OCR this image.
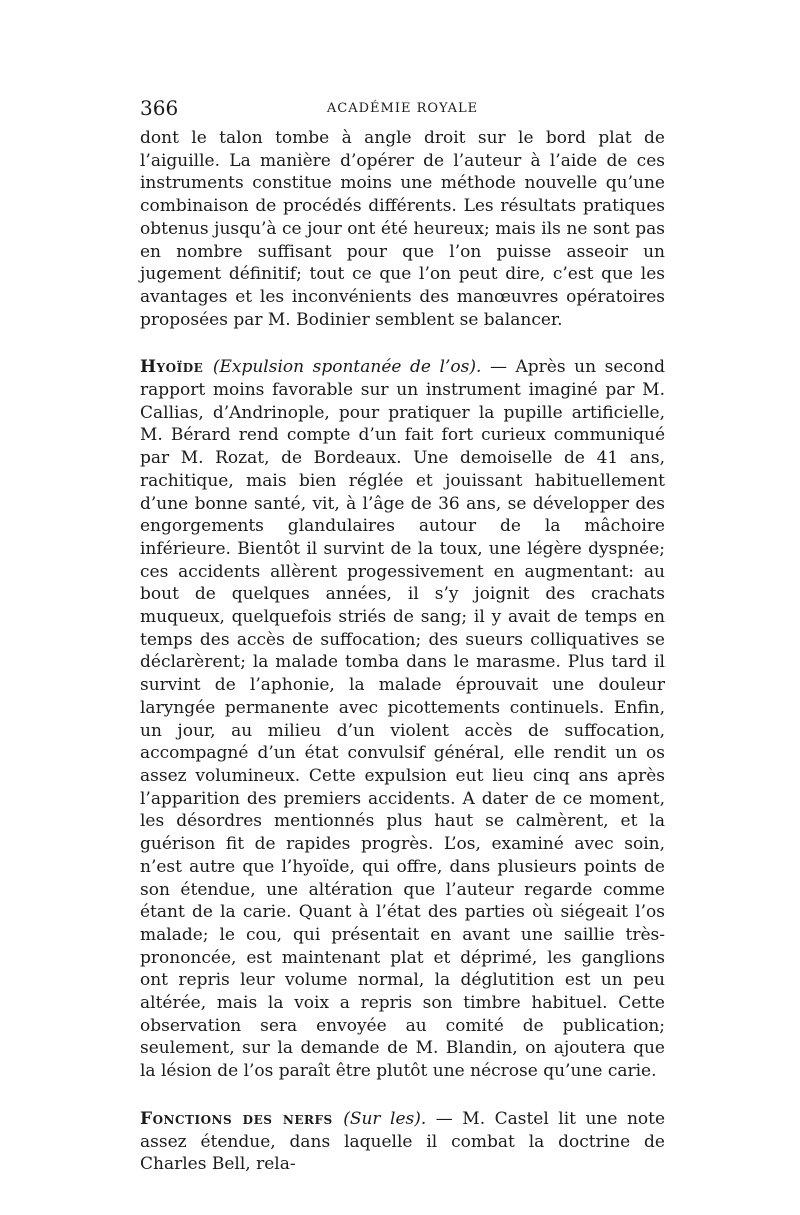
366	ACADÉMIE ROYALE

dont le talon tombe à angle droit sur le bord plat de l’aiguille. La manière d’opérer de l’auteur à l’aide de ces instruments constitue moins une méthode nouvelle qu’une combinaison de procédés différents. Les résultats pratiques obtenus jusqu’à ce jour ont été heureux; mais ils ne sont pas en nombre suffisant pour que l’on puisse asseoir un jugement définitif; tout ce que l’on peut dire, c’est que les avantages et les inconvénients des manœuvres opératoires proposées par M. Bodinier semblent se balancer.

Hyoïde (Expulsion spontanée de l’os). — Après un second rapport moins favorable sur un instrument imaginé par M. Callias, d’Andrinople, pour pratiquer la pupille artificielle, M. Bérard rend compte d’un fait fort curieux communiqué par M. Rozat, de Bordeaux. Une demoiselle de 41 ans, rachitique, mais bien réglée et jouissant habituellement d’une bonne santé, vit, à l’âge de 36 ans, se développer des engorgements glandulaires autour de la mâchoire inférieure. Bientôt il survint de la toux, une légère dyspnée; ces accidents allèrent progessivement en augmentant: au bout de quelques années, il s’y joignit des crachats muqueux, quelquefois striés de sang; il y avait de temps en temps des accès de suffocation; des sueurs colliquatives se déclarèrent; la malade tomba dans le marasme. Plus tard il survint de l’aphonie, la malade éprouvait une douleur laryngée permanente avec picottements continuels. Enfin, un jour, au milieu d’un violent accès de suffocation, accompagné d’un état convulsif général, elle rendit un os assez volumineux. Cette expulsion eut lieu cinq ans après l’apparition des premiers accidents. A dater de ce moment, les désordres mentionnés plus haut se calmèrent, et la guérison fit de rapides progrès. L’os, examiné avec soin, n’est autre que l’hyoïde, qui offre, dans plusieurs points de son étendue, une altération que l’auteur regarde comme étant de la carie. Quant à l’état des parties où siégeait l’os malade; le cou, qui présentait en avant une saillie très-prononcée, est maintenant plat et déprimé, les ganglions ont repris leur volume normal, la déglutition est un peu altérée, mais la voix a repris son timbre habituel. Cette observation sera envoyée au comité de publication; seulement, sur la demande de M. Blandin, on ajoutera que la lésion de l’os paraît être plutôt une nécrose qu’une carie.

Fonctions des nerfs (Sur les). — M. Castel lit une note assez étendue, dans laquelle il combat la doctrine de Charles Bell, rela-
